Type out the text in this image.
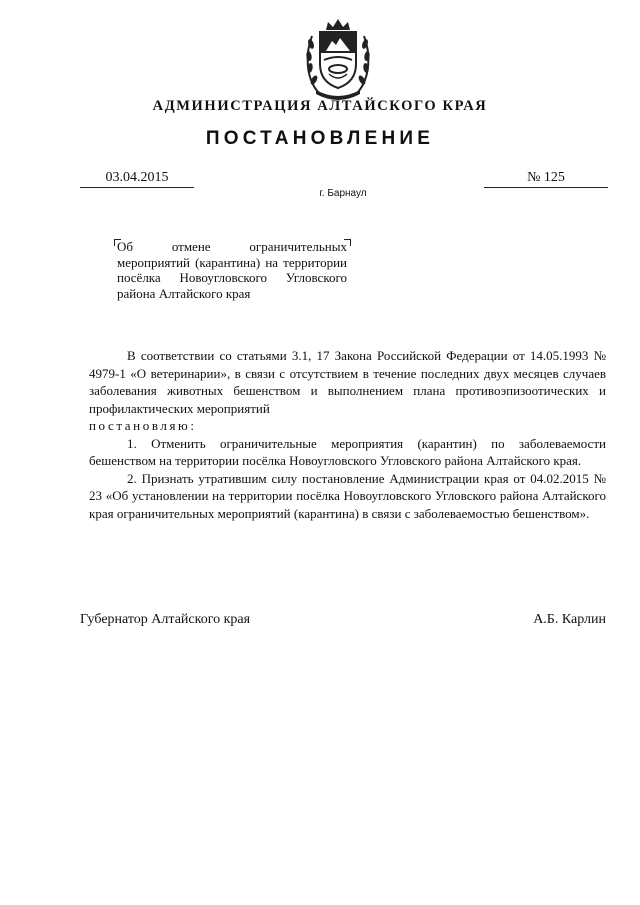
АДМИНИСТРАЦИЯ АЛТАЙСКОГО КРАЯ
ПОСТАНОВЛЕНИЕ
03.04.2015	№ 125
г. Барнаул
Об отмене ограничительных мероприятий (карантина) на территории посёлка Новоугловского Угловского района Алтайского края

В соответствии со статьями 3.1, 17 Закона Российской Федерации от 14.05.1993 № 4979-1 «О ветеринарии», в связи с отсутствием в течение последних двух месяцев случаев заболевания животных бешенством и выполнением плана противоэпизоотических и профилактических мероприятий

постановляю:

1. Отменить ограничительные мероприятия (карантин) по заболеваемости бешенством на территории посёлка Новоугловского Угловского района Алтайского края.

2. Признать утратившим силу постановление Администрации края от 04.02.2015 № 23 «Об установлении на территории посёлка Новоугловского Угловского района Алтайского края ограничительных мероприятий (карантина) в связи с заболеваемостью бешенством».

Губернатор Алтайского края	А.Б. Карлин
